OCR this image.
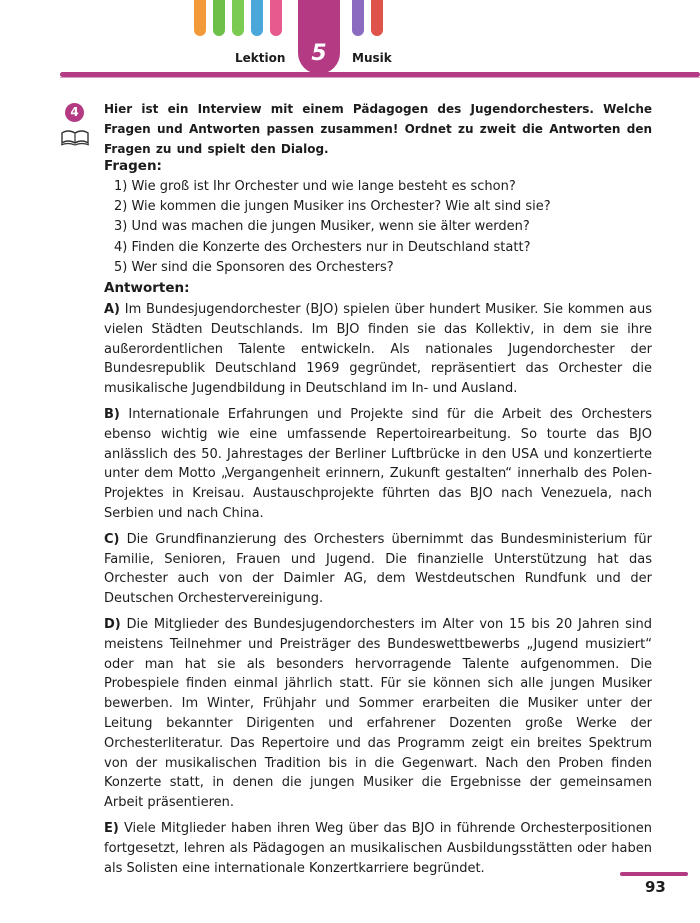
5
Lektion	Musik
4	Hier ist ein Interview mit einem Pädagogen des Jugendorchesters. Welche Fragen und Antworten passen zusammen! Ordnet zu zweit die Antworten den Fragen zu und spielt den Dialog.
Fragen:
1) Wie groß ist Ihr Orchester und wie lange besteht es schon?
2) Wie kommen die jungen Musiker ins Orchester? Wie alt sind sie?
3) Und was machen die jungen Musiker, wenn sie älter werden?
4) Finden die Konzerte des Orchesters nur in Deutschland statt?
5) Wer sind die Sponsoren des Orchesters?
Antworten:

A) Im Bundesjugendorchester (BJO) spielen über hundert Musiker. Sie kommen aus vielen Städten Deutschlands. Im BJO finden sie das Kollektiv, in dem sie ihre außerordentlichen Talente entwickeln. Als nationales Jugendorchester der Bundesrepublik Deutschland 1969 gegründet, repräsentiert das Orchester die musikalische Jugendbildung in Deutschland im In- und Ausland.

B) Internationale Erfahrungen und Projekte sind für die Arbeit des Orchesters ebenso wichtig wie eine umfassende Repertoirearbeitung. So tourte das BJO anlässlich des 50. Jahrestages der Berliner Luftbrücke in den USA und konzertierte unter dem Motto „Vergangenheit erinnern, Zukunft gestalten“ innerhalb des Polen-Projektes in Kreisau. Austauschprojekte führten das BJO nach Venezuela, nach Serbien und nach China.

C) Die Grundfinanzierung des Orchesters übernimmt das Bundesministerium für Familie, Senioren, Frauen und Jugend. Die finanzielle Unterstützung hat das Orchester auch von der Daimler AG, dem Westdeutschen Rundfunk und der Deutschen Orchestervereinigung.

D) Die Mitglieder des Bundesjugendorchesters im Alter von 15 bis 20 Jahren sind meistens Teilnehmer und Preisträger des Bundeswettbewerbs „Jugend musiziert“ oder man hat sie als besonders hervorragende Talente aufgenommen. Die Probespiele finden einmal jährlich statt. Für sie können sich alle jungen Musiker bewerben. Im Winter, Frühjahr und Sommer erarbeiten die Musiker unter der Leitung bekannter Dirigenten und erfahrener Dozenten große Werke der Orchesterliteratur. Das Repertoire und das Programm zeigt ein breites Spektrum von der musikalischen Tradition bis in die Gegenwart. Nach den Proben finden Konzerte statt, in denen die jungen Musiker die Ergebnisse der gemeinsamen Arbeit präsentieren.

E) Viele Mitglieder haben ihren Weg über das BJO in führende Orchesterpositionen fortgesetzt, lehren als Pädagogen an musikalischen Ausbildungsstätten oder haben als Solisten eine internationale Konzertkarriere begründet.

93
